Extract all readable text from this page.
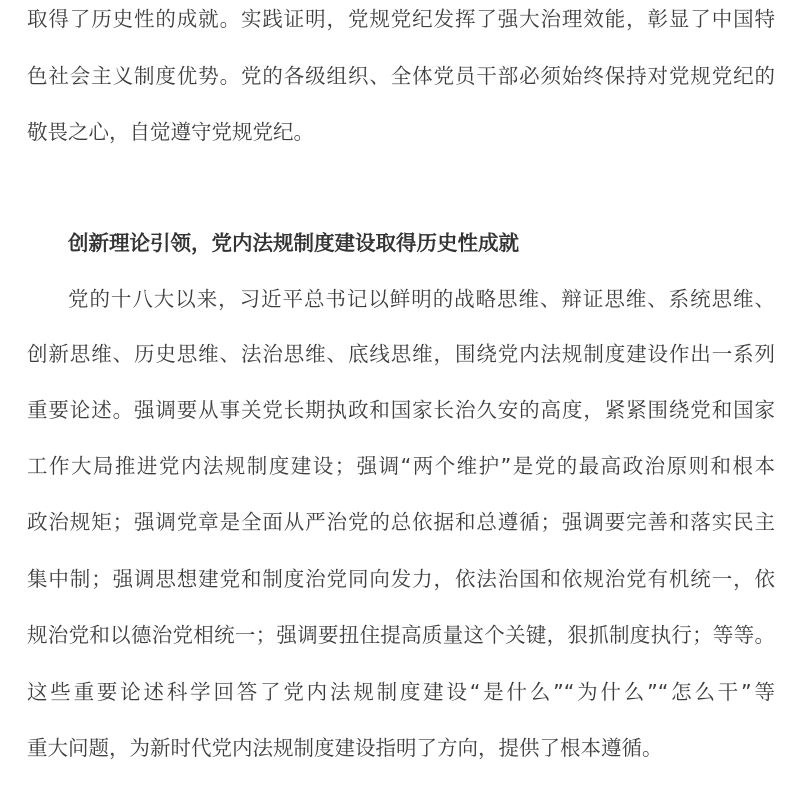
取得了历史性的成就。实践证明，党规党纪发挥了强大治理效能，彰显了中国特
色社会主义制度优势。党的各级组织、全体党员干部必须始终保持对党规党纪的
敬畏之心，自觉遵守党规党纪。
创新理论引领，党内法规制度建设取得历史性成就
党的十八大以来，习近平总书记以鲜明的战略思维、辩证思维、系统思维、
创新思维、历史思维、法治思维、底线思维，围绕党内法规制度建设作出一系列
重要论述。强调要从事关党长期执政和国家长治久安的高度，紧紧围绕党和国家
工作大局推进党内法规制度建设；强调“两个维护”是党的最高政治原则和根本
政治规矩；强调党章是全面从严治党的总依据和总遵循；强调要完善和落实民主
集中制；强调思想建党和制度治党同向发力，依法治国和依规治党有机统一，依
规治党和以德治党相统一；强调要扭住提高质量这个关键，狠抓制度执行；等等。
这些重要论述科学回答了党内法规制度建设“是什么”“为什么”“怎么干”等
重大问题，为新时代党内法规制度建设指明了方向，提供了根本遵循。
